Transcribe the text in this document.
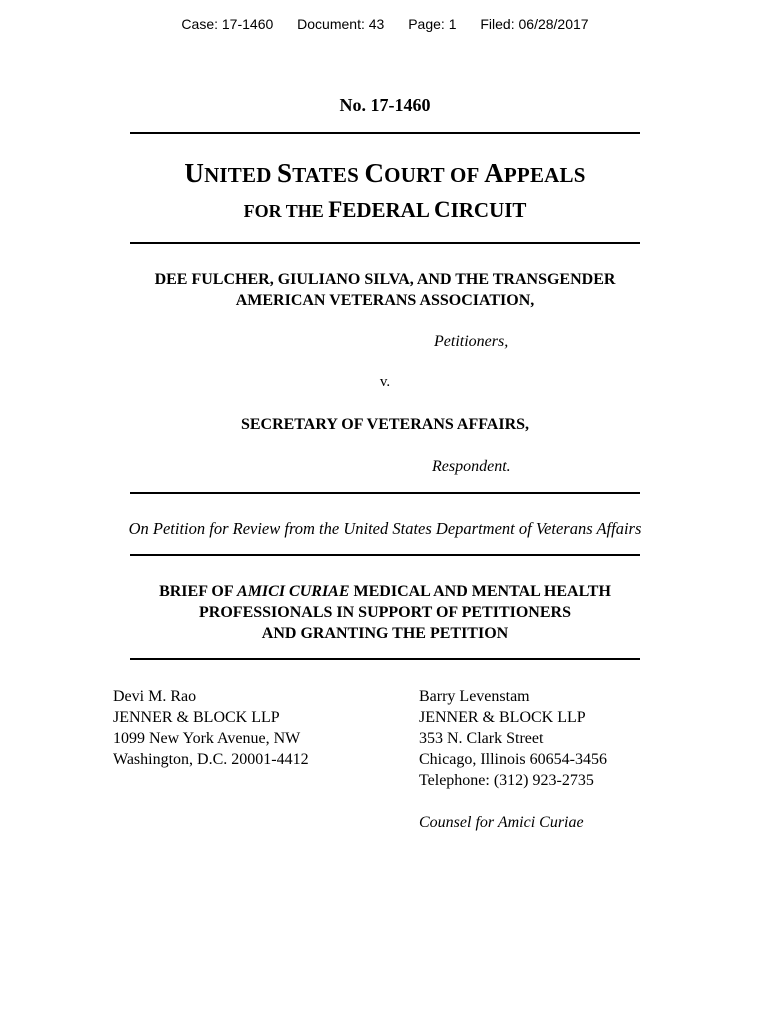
Case: 17-1460 Document: 43 Page: 1 Filed: 06/28/2017
No. 17-1460
UNITED STATES COURT OF APPEALS
FOR THE FEDERAL CIRCUIT
DEE FULCHER, GIULIANO SILVA, AND THE TRANSGENDER
AMERICAN VETERANS ASSOCIATION,
Petitioners,
v.
SECRETARY OF VETERANS AFFAIRS,
Respondent.
On Petition for Review from the United States Department of Veterans Affairs
BRIEF OF AMICI CURIAE MEDICAL AND MENTAL HEALTH
PROFESSIONALS IN SUPPORT OF PETITIONERS
AND GRANTING THE PETITION
Devi M. Rao
JENNER & BLOCK LLP
1099 New York Avenue, NW
Washington, D.C. 20001-4412
Barry Levenstam
JENNER & BLOCK LLP
353 N. Clark Street
Chicago, Illinois 60654-3456
Telephone: (312) 923-2735
Counsel for Amici Curiae
